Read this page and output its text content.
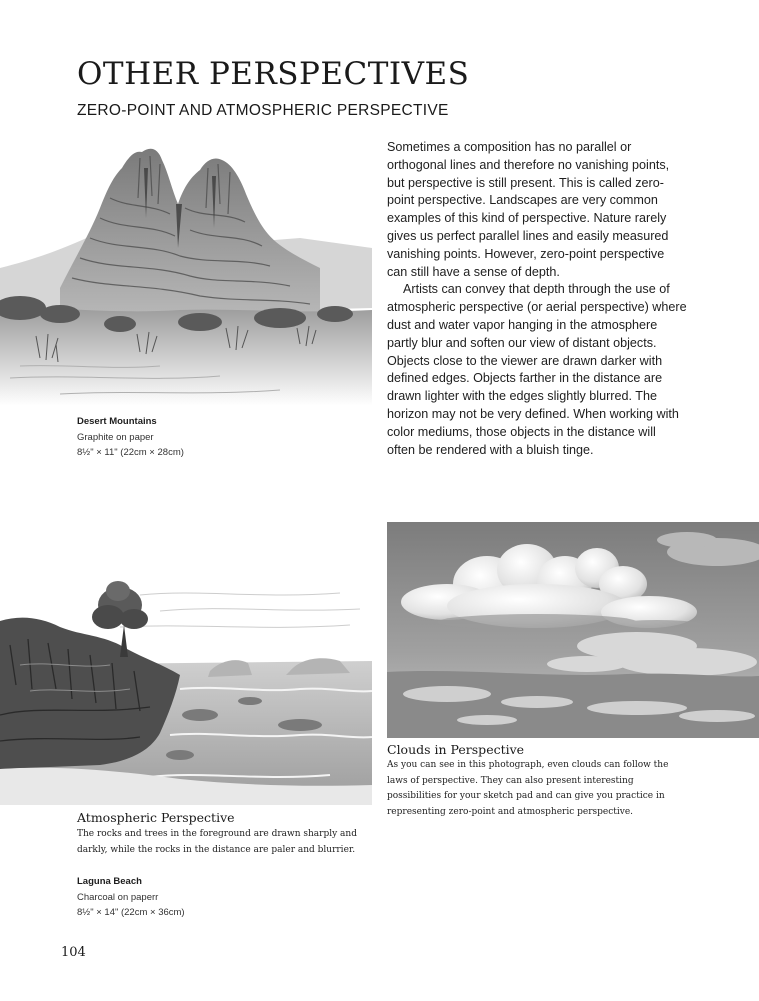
OTHER PERSPECTIVES
ZERO-POINT AND ATMOSPHERIC PERSPECTIVE
Desert Mountains
Graphite on paper
8½" × 11" (22cm × 28cm)

Sometimes a composition has no parallel or orthogonal lines and therefore no vanishing points, but perspective is still present. This is called zero-point perspective. Landscapes are very common examples of this kind of perspective. Nature rarely gives us perfect parallel lines and easily measured vanishing points. However, zero-point perspective can still have a sense of depth.

Artists can convey that depth through the use of atmospheric perspective (or aerial perspective) where dust and water vapor hanging in the atmosphere partly blur and soften our view of distant objects. Objects close to the viewer are drawn darker with defined edges. Objects farther in the distance are drawn lighter with the edges slightly blurred. The horizon may not be very defined. When working with color mediums, those objects in the distance will often be rendered with a bluish tinge.

Clouds in Perspective
As you can see in this photograph, even clouds can follow the laws of perspective. They can also present interesting possibilities for your sketch pad and can give you practice in representing zero-point and atmospheric perspective.
Atmospheric Perspective
The rocks and trees in the foreground are drawn sharply and darkly, while the rocks in the distance are paler and blurrier.
Laguna Beach
Charcoal on paperr
8½" × 14" (22cm × 36cm)
104
